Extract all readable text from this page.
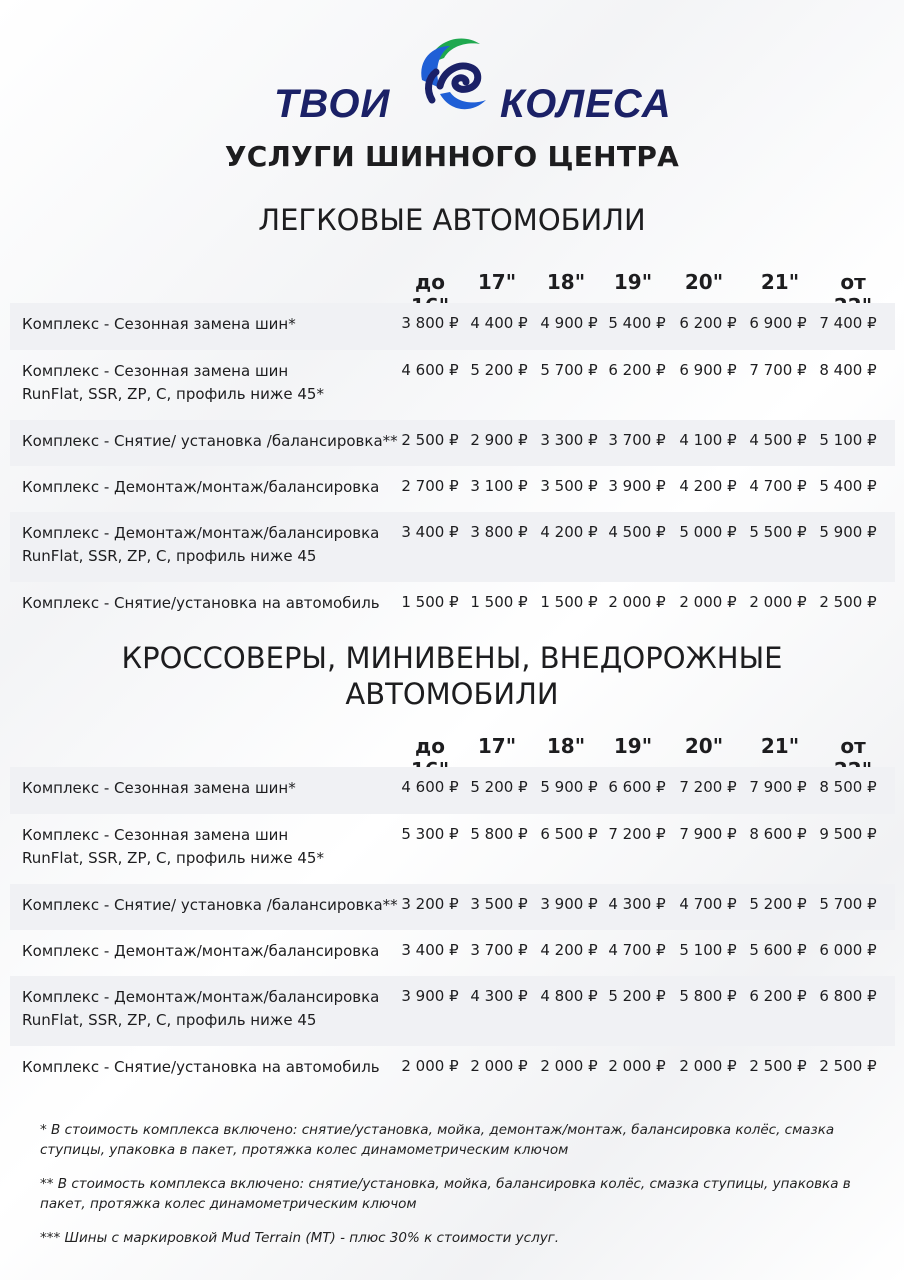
ТВОИ	КОЛЕСА
УСЛУГИ ШИННОГО ЦЕНТРА
ЛЕГКОВЫЕ АВТОМОБИЛИ
до	17"	18"	19"	20"	21"	от
Комплекс - Сезонная замена шин*	3 800 ₽ 4 400 ₽ 4 900 ₽ 5 400 ₽ 6 200 ₽ 6 900 ₽ 7 400 ₽
Комплекс - Сезонная замена шин
RunFlat, SSR, ZP, C, профиль ниже 45*
4 600 ₽ 5 200 ₽ 5 700 ₽ 6 200 ₽ 6 900 ₽ 7 700 ₽ 8 400 ₽
Комплекс - Снятие/ установка /балансировка** 2 500 ₽ 2 900 ₽ 3 300 ₽ 3 700 ₽ 4 100 ₽ 4 500 ₽ 5 100 ₽
Комплекс - Демонтаж/монтаж/балансировка	2 700 ₽ 3 100 ₽ 3 500 ₽ 3 900 ₽ 4 200 ₽ 4 700 ₽ 5 400 ₽
Комплекс - Демонтаж/монтаж/балансировка
RunFlat, SSR, ZP, C, профиль ниже 45
3 400 ₽ 3 800 ₽ 4 200 ₽ 4 500 ₽ 5 000 ₽ 5 500 ₽ 5 900 ₽
Комплекс - Снятие/установка на автомобиль	1 500 ₽ 1 500 ₽ 1 500 ₽ 2 000 ₽ 2 000 ₽ 2 000 ₽ 2 500 ₽
КРОССОВЕРЫ, МИНИВЕНЫ, ВНЕДОРОЖНЫЕ
АВТОМОБИЛИ
до	17"	18"	19"	20"	21"	от
Комплекс - Сезонная замена шин*	4 600 ₽ 5 200 ₽ 5 900 ₽ 6 600 ₽ 7 200 ₽ 7 900 ₽ 8 500 ₽
Комплекс - Сезонная замена шин
RunFlat, SSR, ZP, C, профиль ниже 45*
5 300 ₽ 5 800 ₽ 6 500 ₽ 7 200 ₽ 7 900 ₽ 8 600 ₽ 9 500 ₽
Комплекс - Снятие/ установка /балансировка** 3 200 ₽ 3 500 ₽ 3 900 ₽ 4 300 ₽ 4 700 ₽ 5 200 ₽ 5 700 ₽
Комплекс - Демонтаж/монтаж/балансировка	3 400 ₽ 3 700 ₽ 4 200 ₽ 4 700 ₽ 5 100 ₽ 5 600 ₽ 6 000 ₽
Комплекс - Демонтаж/монтаж/балансировка
RunFlat, SSR, ZP, C, профиль ниже 45
3 900 ₽ 4 300 ₽ 4 800 ₽ 5 200 ₽ 5 800 ₽ 6 200 ₽ 6 800 ₽
Комплекс - Снятие/установка на автомобиль	2 000 ₽ 2 000 ₽ 2 000 ₽ 2 000 ₽ 2 000 ₽ 2 500 ₽ 2 500 ₽

* В стоимость комплекса включено: снятие/установка, мойка, демонтаж/монтаж, балансировка колёс, смазка ступицы, упаковка в пакет, протяжка колес динамометрическим ключом

** В стоимость комплекса включено: снятие/установка, мойка, балансировка колёс, смазка ступицы, упаковка в пакет, протяжка колес динамометрическим ключом

*** Шины с маркировкой Mud Terrain (MT) - плюс 30% к стоимости услуг.
